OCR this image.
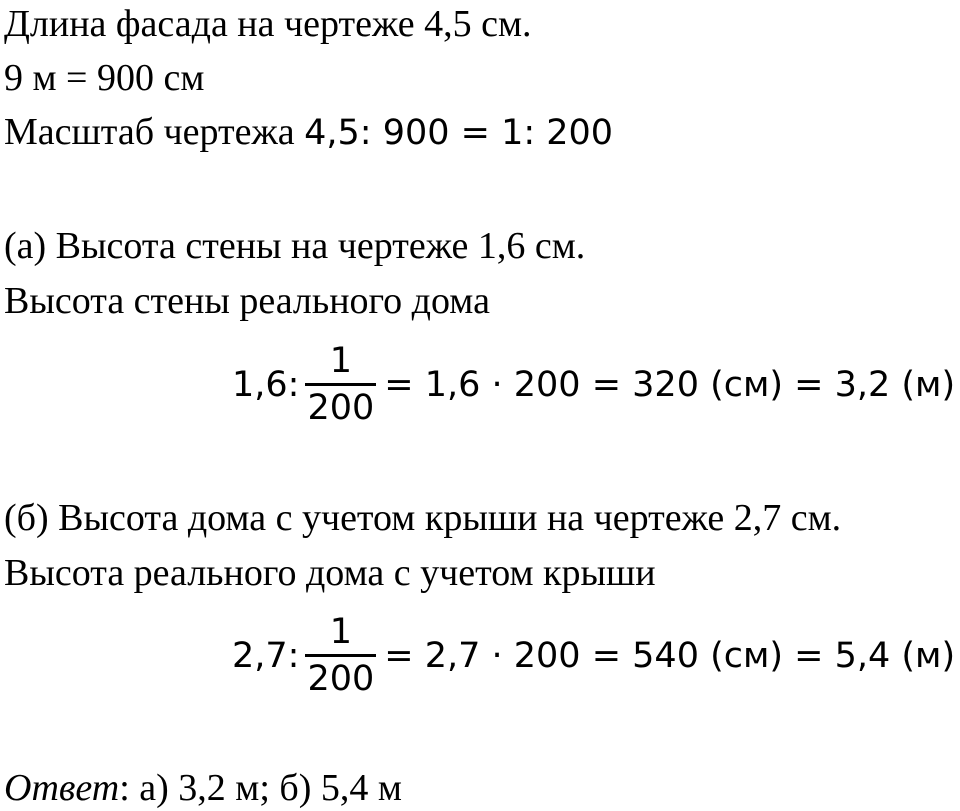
Длина фасада на чертеже 4,5 см.
9 м = 900 см
Масштаб чертежа 4,5: 900 = 1: 200
(а) Высота стены на чертеже 1,6 см.
Высота стены реального дома
1,6: $\frac{1}{200} = 1,6 \cdot 200 = 320$ (см) = 3,2 (м)
(б) Высота дома с учетом крыши на чертеже 2,7 см.
Высота реального дома с учетом крыши
2,7: $\frac{1}{200} = 2,7 \cdot 200 = 540$ (см) = 5,4 (м)
Ответ: а) 3,2 м; б) 5,4 м
